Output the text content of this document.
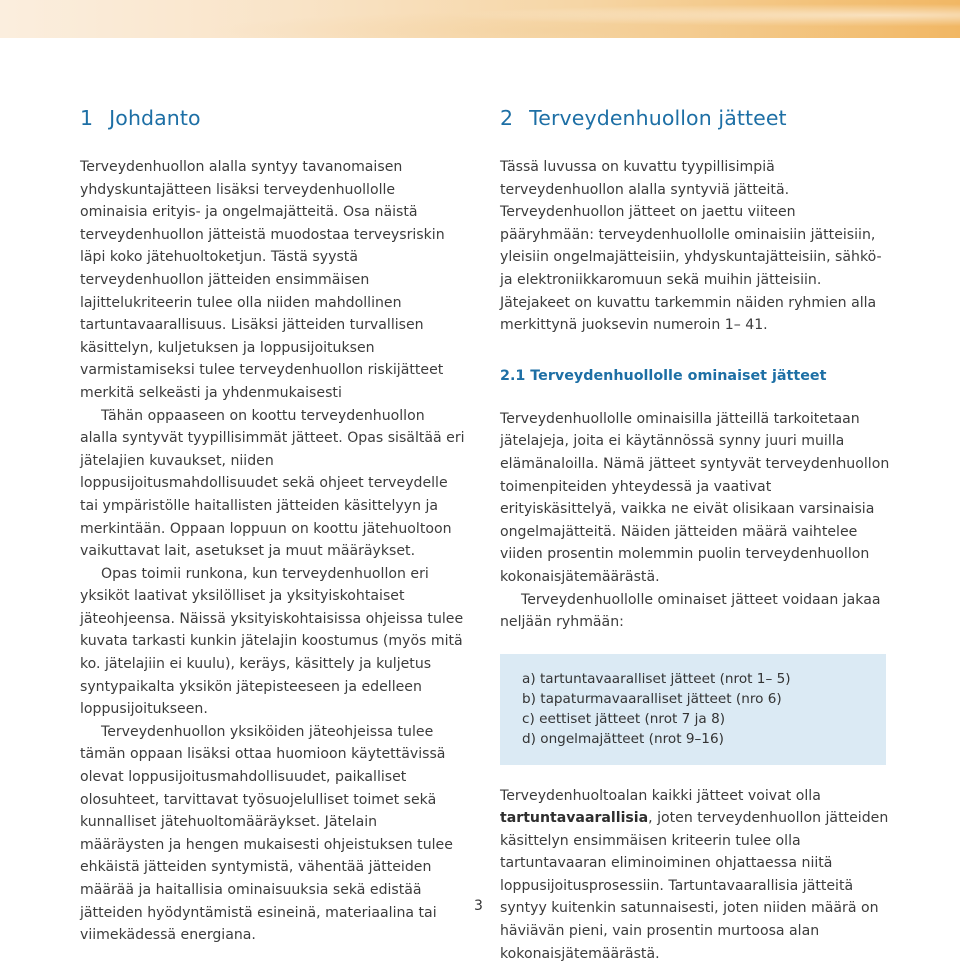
1 Johdanto

Terveydenhuollon alalla syntyy tavanomaisen yhdyskuntajätteen lisäksi terveydenhuollolle ominaisia erityis- ja ongelmajätteitä. Osa näistä terveydenhuollon jätteistä muodostaa terveysriskin läpi koko jätehuoltoketjun. Tästä syystä terveydenhuollon jätteiden ensimmäisen lajittelukriteerin tulee olla niiden mahdollinen tartuntavaarallisuus. Lisäksi jätteiden turvallisen käsittelyn, kuljetuksen ja loppusijoituksen varmistamiseksi tulee terveydenhuollon riskijätteet merkitä selkeästi ja yhdenmukaisesti

Tähän oppaaseen on koottu terveydenhuollon alalla syntyvät tyypillisimmät jätteet. Opas sisältää eri jätelajien kuvaukset, niiden loppusijoitusmahdollisuudet sekä ohjeet terveydelle tai ympäristölle haitallisten jätteiden käsittelyyn ja merkintään. Oppaan loppuun on koottu jätehuoltoon vaikuttavat lait, asetukset ja muut määräykset.

Opas toimii runkona, kun terveydenhuollon eri yksiköt laativat yksilölliset ja yksityiskohtaiset jäteohjeensa. Näissä yksityiskohtaisissa ohjeissa tulee kuvata tarkasti kunkin jätelajin koostumus (myös mitä ko. jätelajiin ei kuulu), keräys, käsittely ja kuljetus syntypaikalta yksikön jätepisteeseen ja edelleen loppusijoitukseen.

Terveydenhuollon yksiköiden jäteohjeissa tulee tämän oppaan lisäksi ottaa huomioon käytettävissä olevat loppusijoitusmahdollisuudet, paikalliset olosuhteet, tarvittavat työsuojelulliset toimet sekä kunnalliset jätehuoltomääräykset. Jätelain määräysten ja hengen mukaisesti ohjeistuksen tulee ehkäistä jätteiden syntymistä, vähentää jätteiden määrää ja haitallisia ominaisuuksia sekä edistää jätteiden hyödyntämistä esineinä, materiaalina tai viimekädessä energiana.

2 Terveydenhuollon jätteet

Tässä luvussa on kuvattu tyypillisimpiä terveydenhuollon alalla syntyviä jätteitä. Terveydenhuollon jätteet on jaettu viiteen pääryhmään: terveydenhuollolle ominaisiin jätteisiin, yleisiin ongelmajätteisiin, yhdyskuntajätteisiin, sähkö- ja elektroniikkaromuun sekä muihin jätteisiin. Jätejakeet on kuvattu tarkemmin näiden ryhmien alla merkittynä juoksevin numeroin 1– 41.

2.1 Terveydenhuollolle ominaiset jätteet

Terveydenhuollolle ominaisilla jätteillä tarkoitetaan jätelajeja, joita ei käytännössä synny juuri muilla elämänaloilla. Nämä jätteet syntyvät terveydenhuollon toimenpiteiden yhteydessä ja vaativat erityiskäsittelyä, vaikka ne eivät olisikaan varsinaisia ongelmajätteitä. Näiden jätteiden määrä vaihtelee viiden prosentin molemmin puolin terveydenhuollon kokonaisjätemäärästä.

Terveydenhuollolle ominaiset jätteet voidaan jakaa neljään ryhmään:

a) tartuntavaaralliset jätteet (nrot 1– 5)
b) tapaturmavaaralliset jätteet (nro 6)
c) eettiset jätteet (nrot 7 ja 8)
d) ongelmajätteet (nrot 9–16)

Terveydenhuoltoalan kaikki jätteet voivat olla tartuntavaarallisia, joten terveydenhuollon jätteiden käsittelyn ensimmäisen kriteerin tulee olla tartuntavaaran eliminoiminen ohjattaessa niitä loppusijoitusprosessiin. Tartuntavaarallisia jätteitä syntyy kuitenkin satunnaisesti, joten niiden määrä on häviävän pieni, vain prosentin murtoosa alan kokonaisjätemäärästä.

3
